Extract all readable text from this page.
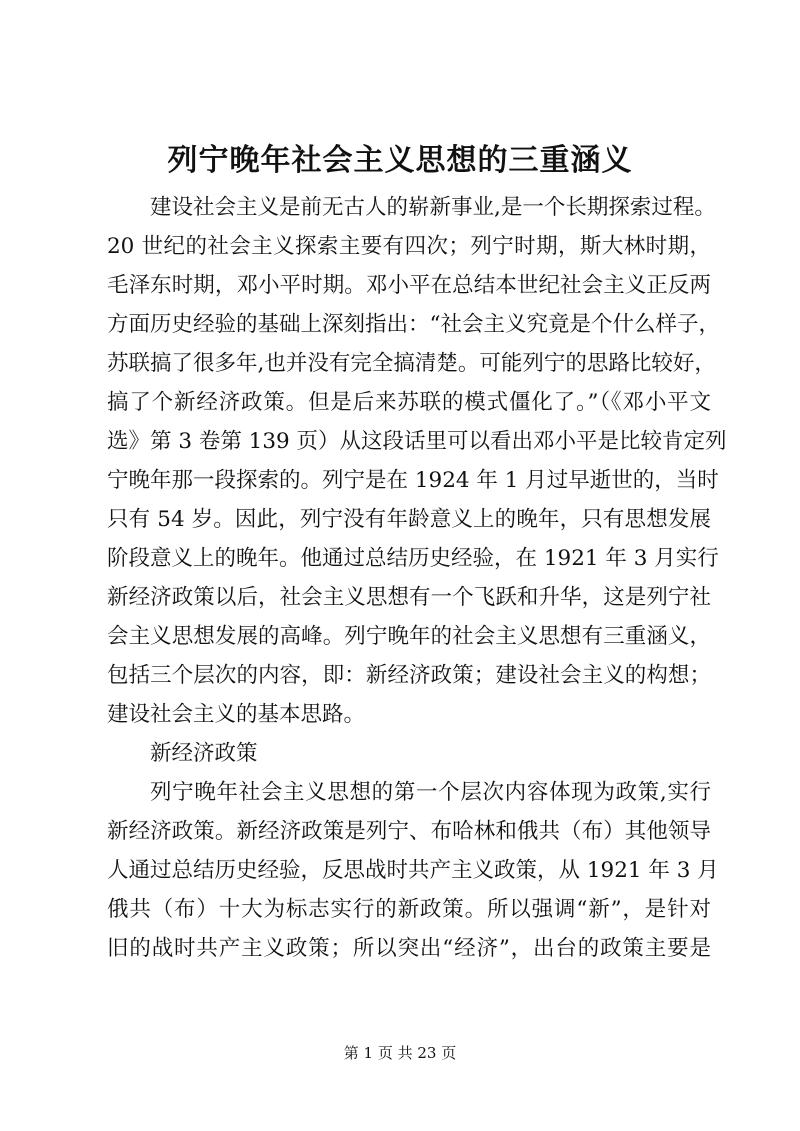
列宁晚年社会主义思想的三重涵义
建设社会主义是前无古人的崭新事业,是一个长期探索过程。
20 世纪的社会主义探索主要有四次；列宁时期，斯大林时期，
毛泽东时期，邓小平时期。邓小平在总结本世纪社会主义正反两
方面历史经验的基础上深刻指出：“社会主义究竟是个什么样子，
苏联搞了很多年,也并没有完全搞清楚。可能列宁的思路比较好，
搞了个新经济政策。但是后来苏联的模式僵化了。”（《邓小平文
选》第 3 卷第 139 页）从这段话里可以看出邓小平是比较肯定列
宁晚年那一段探索的。列宁是在 1924 年 1 月过早逝世的，当时
只有 54 岁。因此，列宁没有年龄意义上的晚年，只有思想发展
阶段意义上的晚年。他通过总结历史经验，在 1921 年 3 月实行
新经济政策以后，社会主义思想有一个飞跃和升华，这是列宁社
会主义思想发展的高峰。列宁晚年的社会主义思想有三重涵义，
包括三个层次的内容，即：新经济政策；建设社会主义的构想；
建设社会主义的基本思路。
新经济政策
列宁晚年社会主义思想的第一个层次内容体现为政策,实行
新经济政策。新经济政策是列宁、布哈林和俄共（布）其他领导
人通过总结历史经验，反思战时共产主义政策，从 1921 年 3 月
俄共（布）十大为标志实行的新政策。所以强调“新”，是针对
旧的战时共产主义政策；所以突出“经济”，出台的政策主要是
第 1 页 共 23 页
